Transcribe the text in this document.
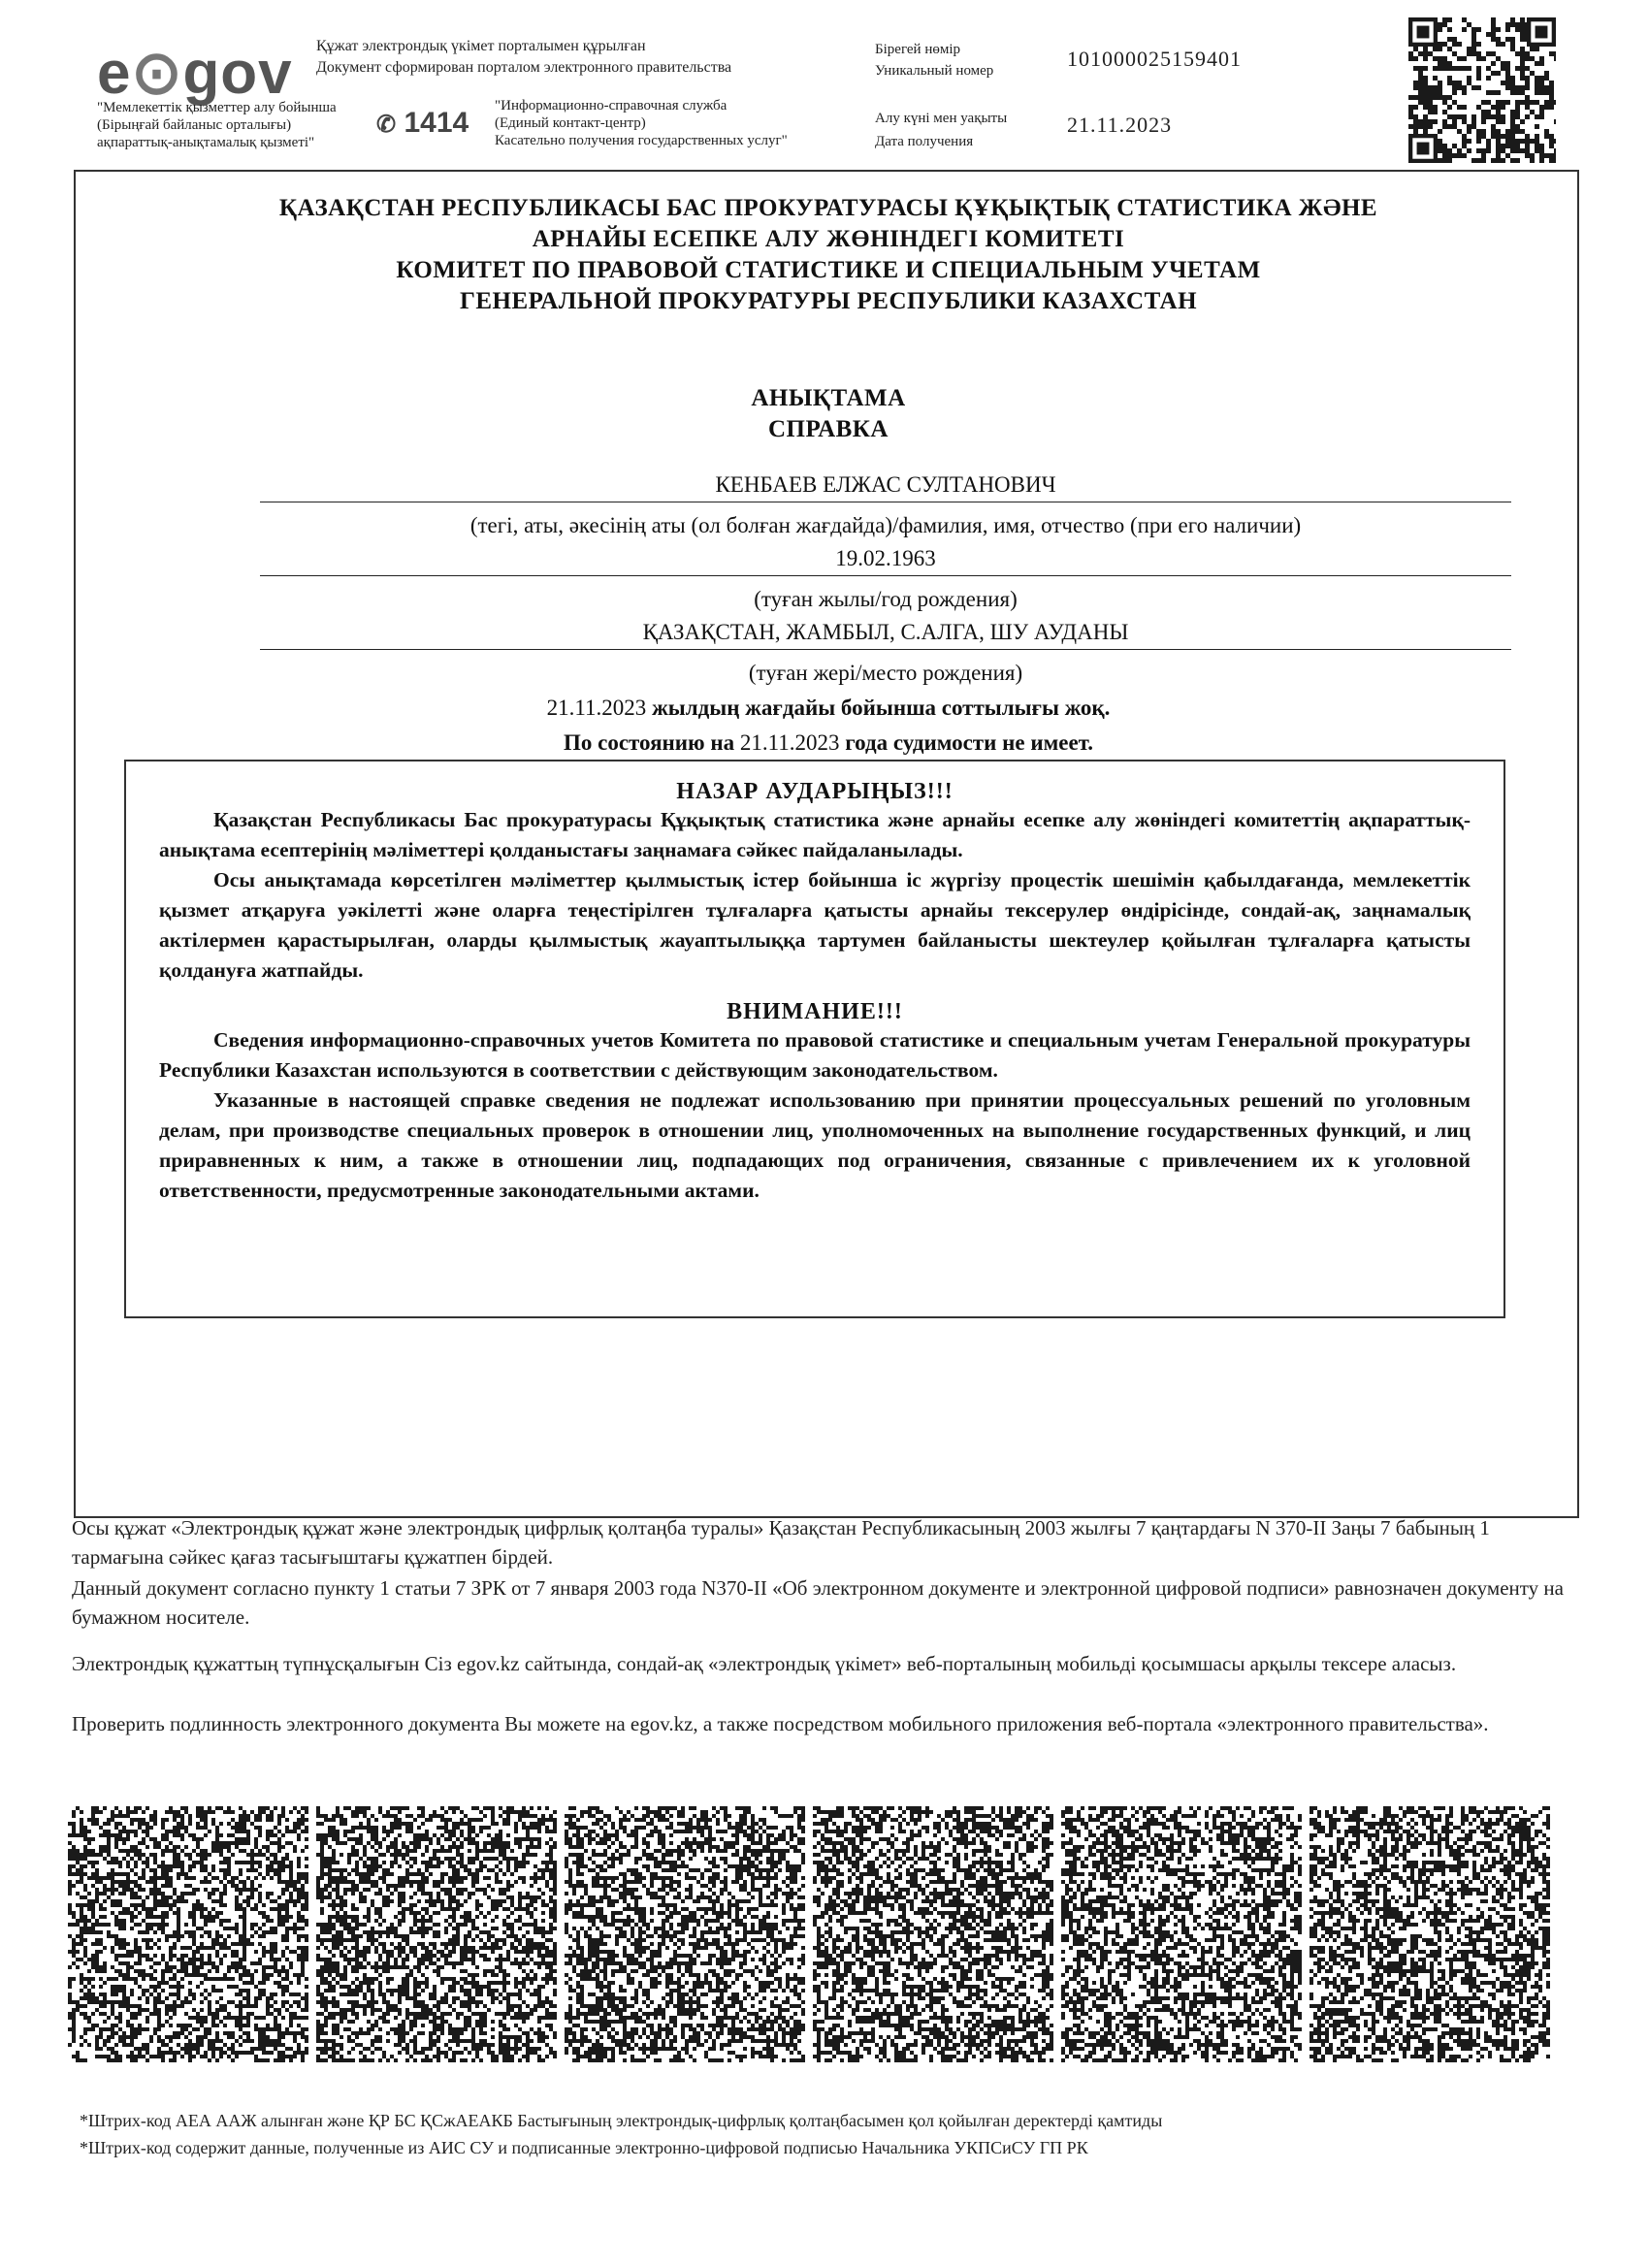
e⊙gov Құжат электрондық үкімет порталымен құрылған
Документ сформирован порталом электронного правительства
"Мемлекеттік қызметтер алу бойынша
(Бірыңғай байланыс орталығы)
ақпараттық-анықтамалық қызметі"
✆ 1414
"Информационно-справочная служба
(Единый контакт-центр)
Касательно получения государственных услуг"
Бірегей нөмір
Уникальный номер	10100002515940​1
Алу күні мен уақыты
Дата получения
21.11.2023
ҚАЗАҚСТАН РЕСПУБЛИКАСЫ БАС ПРОКУРАТУРАСЫ ҚҰҚЫҚТЫҚ СТАТИСТИКА ЖӘНЕ
АРНАЙЫ ЕСЕПКЕ АЛУ ЖӨНІНДЕГІ КОМИТЕТІ
КОМИТЕТ ПО ПРАВОВОЙ СТАТИСТИКЕ И СПЕЦИАЛЬНЫМ УЧЕТАМ
ГЕНЕРАЛЬНОЙ ПРОКУРАТУРЫ РЕСПУБЛИКИ КАЗАХСТАН
АНЫҚТАМА
СПРАВКА
КЕНБАЕВ ЕЛЖАС СУЛТАНОВИЧ
(тегі, аты, әкесінің аты (ол болған жағдайда)/фамилия, имя, отчество (при его наличии)
19.02.1963
(туған жылы/год рождения)
ҚАЗАҚСТАН, ЖАМБЫЛ, С.АЛГА, ШУ АУДАНЫ
(туған жері/место рождения)
21.11.2023 жылдың жағдайы бойынша соттылығы жоқ.
По состоянию на 21.11.2023 года судимости не имеет.
НАЗАР АУДАРЫҢЫЗ!!!

Қазақстан Республикасы Бас прокуратурасы Құқықтық статистика және арнайы есепке алу жөніндегі комитеттің ақпараттық-анықтама есептерінің мәліметтері қолданыстағы заңнамаға сәйкес пайдаланылады.

Осы анықтамада көрсетілген мәліметтер қылмыстық істер бойынша іс жүргізу процестік шешімін қабылдағанда, мемлекеттік қызмет атқаруға уәкілетті және оларға теңестірілген тұлғаларға қатысты арнайы тексерулер өндірісінде, сондай-ақ, заңнамалық актілермен қарастырылған, оларды қылмыстық жауаптылыққа тартумен байланысты шектеулер қойылған тұлғаларға қатысты қолдануға жатпайды.

ВНИМАНИЕ!!!

Сведения информационно-справочных учетов Комитета по правовой статистике и специальным учетам Генеральной прокуратуры Республики Казахстан используются в соответствии с действующим законодательством.

Указанные в настоящей справке сведения не подлежат использованию при принятии процессуальных решений по уголовным делам, при производстве специальных проверок в отношении лиц, уполномоченных на выполнение государственных функций, и лиц приравненных к ним, а также в отношении лиц, подпадающих под ограничения, связанные с привлечением их к уголовной ответственности, предусмотренные законодательными актами.

Осы құжат «Электрондық құжат және электрондық цифрлық қолтаңба туралы» Қазақстан Республикасының 2003 жылғы 7 қаңтардағы N 370-II Заңы 7 бабының 1 тармағына сәйкес қағаз тасығыштағы құжатпен бірдей.
Данный документ согласно пункту 1 статьи 7 ЗРК от 7 января 2003 года N370-II «Об электронном документе и электронной цифровой подписи» равнозначен документу на бумажном носителе.
Электрондық құжаттың түпнұсқалығын Сіз egov.kz сайтында, сондай-ақ «электрондық үкімет» веб-порталының мобильді қосымшасы арқылы тексере аласыз.
Проверить подлинность электронного документа Вы можете на egov.kz, а также посредством мобильного приложения веб-портала «электронного правительства».
*Штрих-код АЕА ААЖ алынған және ҚР БС ҚСжАЕАКБ Бастығының электрондық-цифрлық қолтаңбасымен қол қойылған деректерді қамтиды
*Штрих-код содержит данные, полученные из АИС СУ и подписанные электронно-цифровой подписью Начальника УКПСиСУ ГП РК
